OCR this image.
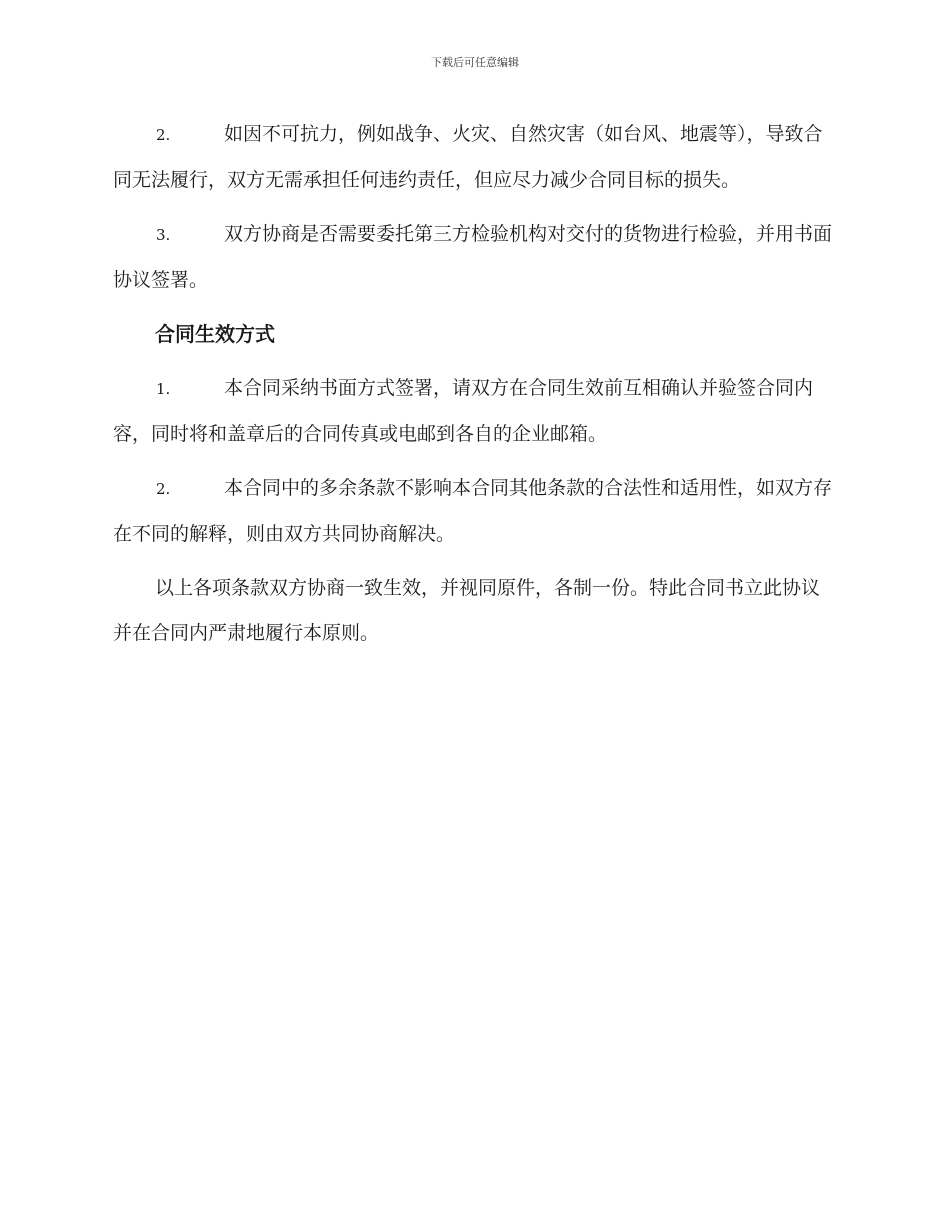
下载后可任意编辑

2.	如因不可抗力，例如战争、火灾、自然灾害（如台风、地震等），导致合同无法履行，双方无需承担任何违约责任，但应尽力减少合同目标的损失。

3.	双方协商是否需要委托第三方检验机构对交付的货物进行检验，并用书面协议签署。

合同生效方式

1.	本合同采纳书面方式签署，请双方在合同生效前互相确认并验签合同内容，同时将和盖章后的合同传真或电邮到各自的企业邮箱。

2.	本合同中的多余条款不影响本合同其他条款的合法性和适用性，如双方存在不同的解释，则由双方共同协商解决。

以上各项条款双方协商一致生效，并视同原件，各制一份。特此合同书立此协议并在合同内严肃地履行本原则。
